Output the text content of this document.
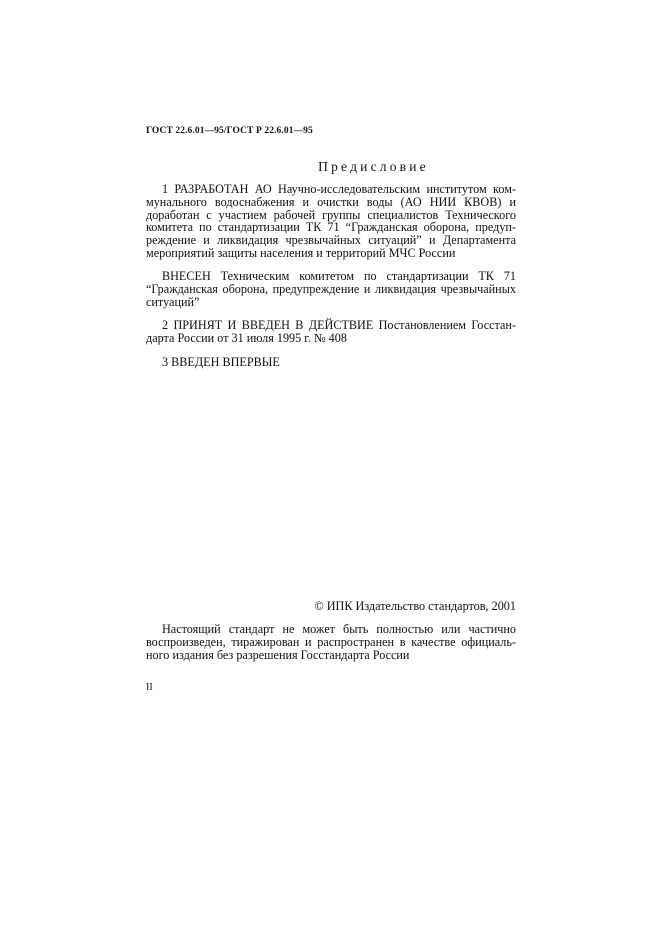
ГОСТ 22.6.01—95/ГОСТ Р 22.6.01—95
Предисловие
1 РАЗРАБОТАН АО Научно-исследовательским институтом ком-
мунального водоснабжения и очистки воды (АО НИИ КВОВ) и
доработан с участием рабочей группы специалистов Технического
комитета по стандартизации ТК 71 “Гражданская оборона, предуп-
реждение и ликвидация чрезвычайных ситуаций” и Департамента
мероприятий защиты населения и территорий МЧС России
ВНЕСЕН Техническим комитетом по стандартизации ТК 71
“Гражданская оборона, предупреждение и ликвидация чрезвычайных
ситуаций”
2 ПРИНЯТ И ВВЕДЕН В ДЕЙСТВИЕ Постановлением Госстан-
дарта России от 31 июля 1995 г. № 408
3 ВВЕДЕН ВПЕРВЫЕ
© ИПК Издательство стандартов, 2001
Настоящий стандарт не может быть полностью или частично
воспроизведен, тиражирован и распространен в качестве официаль-
ного издания без разрешения Госстандарта России
II
